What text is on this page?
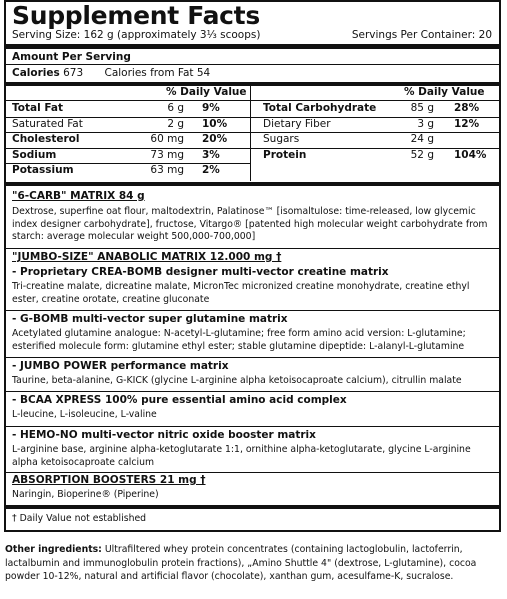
Supplement Facts
Serving Size: 162 g (approximately 3⅓ scoops)	Servings Per Container: 20
Amount Per Serving
Calories 673 Calories from Fat 54
% Daily Value	% Daily Value
Total Fat	6 g 9%
Saturated Fat	2 g 10%
Cholesterol	60 mg 20%
Sodium	73 mg 3%
Potassium	63 mg 2%
Total Carbohydrate	85 g 28%
Dietary Fiber	3 g 12%
Sugars	24 g
Protein	52 g 104%
"6-CARB" MATRIX 84 g
Dextrose, superfine oat flour, maltodextrin, Palatinose™ [isomaltulose: time-released, low glycemic index designer carbohydrate], fructose, Vitargo® [patented high molecular weight carbohydrate from starch: average molecular weight 500,000-700,000]
"JUMBO-SIZE" ANABOLIC MATRIX 12.000 mg †
- Proprietary CREA-BOMB designer multi-vector creatine matrix
Tri-creatine malate, dicreatine malate, MicronTec micronized creatine monohydrate, creatine ethyl ester, creatine orotate, creatine gluconate
- G-BOMB multi-vector super glutamine matrix
Acetylated glutamine analogue: N-acetyl-L-glutamine; free form amino acid version: L-glutamine; esterified molecule form: glutamine ethyl ester; stable glutamine dipeptide: L-alanyl-L-glutamine
- JUMBO POWER performance matrix
Taurine, beta-alanine, G-KICK (glycine L-arginine alpha ketoisocaproate calcium), citrullin malate
- BCAA XPRESS 100% pure essential amino acid complex
L-leucine, L-isoleucine, L-valine
- HEMO-NO multi-vector nitric oxide booster matrix
L-arginine base, arginine alpha-ketoglutarate 1:1, ornithine alpha-ketoglutarate, glycine L-arginine alpha ketoisocaproate calcium
ABSORPTION BOOSTERS 21 mg †
Naringin, Bioperine® (Piperine)
† Daily Value not established
Other ingredients: Ultrafiltered whey protein concentrates (containing lactoglobulin, lactoferrin, lactalbumin and immunoglobulin protein fractions), „Amino Shuttle 4" (dextrose, L-glutamine), cocoa powder 10-12%, natural and artificial flavor (chocolate), xanthan gum, acesulfame-K, sucralose.
